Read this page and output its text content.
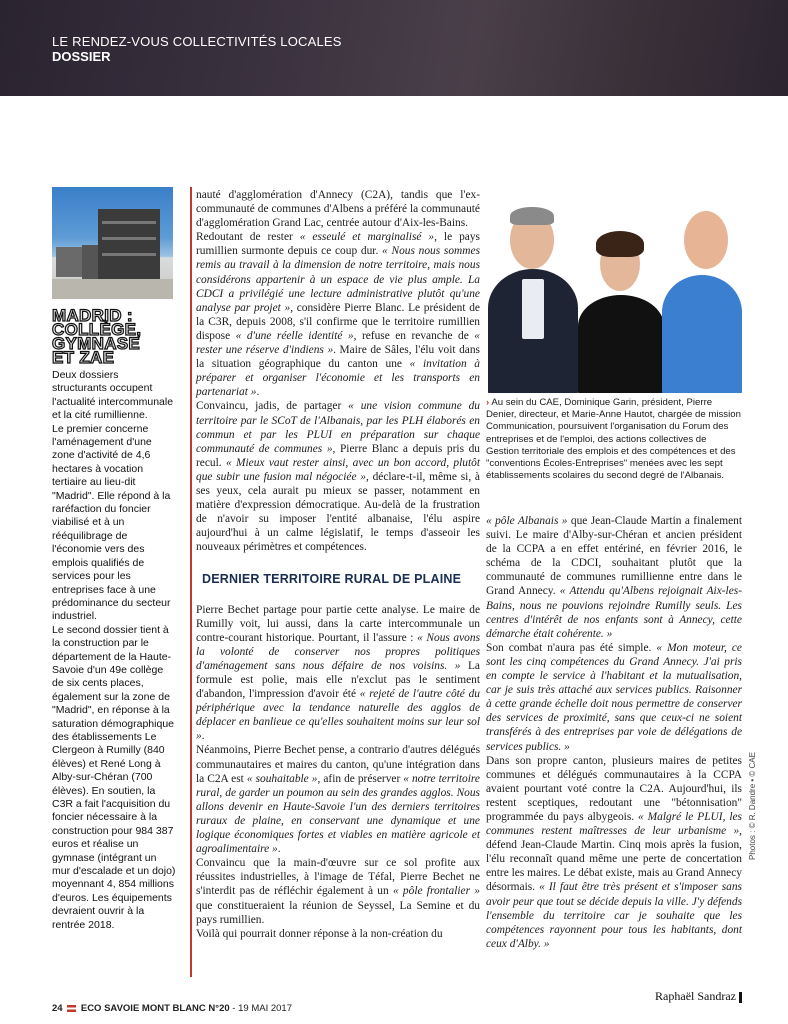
LE RENDEZ-VOUS COLLECTIVITÉS LOCALES
DOSSIER
MADRID :
COLLÈGE,
GYMNASE
ET ZAE

Deux dossiers structurants occupent l'actualité intercommunale et la cité rumillienne.

Le premier concerne l'aménagement d'une zone d'activité de 4,6 hectares à vocation tertiaire au lieu-dit "Madrid". Elle répond à la raréfaction du foncier viabilisé et à un rééquilibrage de l'économie vers des emplois qualifiés de services pour les entreprises face à une prédominance du secteur industriel.

Le second dossier tient à la construction par le département de la Haute-Savoie d'un 49e collège de six cents places, également sur la zone de "Madrid", en réponse à la saturation démographique des établissements Le Clergeon à Rumilly (840 élèves) et René Long à Alby-sur-Chéran (700 élèves). En soutien, la C3R a fait l'acquisition du foncier nécessaire à la construction pour 984 387 euros et réalise un gymnase (intégrant un mur d'escalade et un dojo) moyennant 4, 854 millions d'euros. Les équipements devraient ouvrir à la rentrée 2018.

nauté d'agglomération d'Annecy (C2A), tandis que l'ex-communauté de communes d'Albens a préféré la communauté d'agglomération Grand Lac, centrée autour d'Aix-les-Bains.

Redoutant de rester « esseulé et marginalisé », le pays rumillien surmonte depuis ce coup dur. « Nous nous sommes remis au travail à la dimension de notre territoire, mais nous considérons appartenir à un espace de vie plus ample. La CDCI a privilégié une lecture administrative plutôt qu'une analyse par projet », considère Pierre Blanc. Le président de la C3R, depuis 2008, s'il confirme que le territoire rumillien dispose « d'une réelle identité », refuse en revanche de « rester une réserve d'indiens ». Maire de Sâles, l'élu voit dans la situation géographique du canton une « invitation à préparer et organiser l'économie et les transports en partenariat ».

Convaincu, jadis, de partager « une vision commune du territoire par le SCoT de l'Albanais, par les PLH élaborés en commun et par les PLUI en préparation sur chaque communauté de communes », Pierre Blanc a depuis pris du recul. « Mieux vaut rester ainsi, avec un bon accord, plutôt que subir une fusion mal négociée », déclare-t-il, même si, à ses yeux, cela aurait pu mieux se passer, notamment en matière d'expression démocratique. Au-delà de la frustration de n'avoir su imposer l'entité albanaise, l'élu aspire aujourd'hui à un calme législatif, le temps d'asseoir les nouveaux périmètres et compétences.

DERNIER TERRITOIRE RURAL DE PLAINE

Pierre Bechet partage pour partie cette analyse. Le maire de Rumilly voit, lui aussi, dans la carte intercommunale un contre-courant historique. Pourtant, il l'assure : « Nous avons la volonté de conserver nos propres politiques d'aménagement sans nous défaire de nos voisins. » La formule est polie, mais elle n'exclut pas le sentiment d'abandon, l'impression d'avoir été « rejeté de l'autre côté du périphérique avec la tendance naturelle des agglos de déplacer en banlieue ce qu'elles souhaitent moins sur leur sol ».

Néanmoins, Pierre Bechet pense, a contrario d'autres délégués communautaires et maires du canton, qu'une intégration dans la C2A est « souhaitable », afin de préserver « notre territoire rural, de garder un poumon au sein des grandes agglos. Nous allons devenir en Haute-Savoie l'un des derniers territoires ruraux de plaine, en conservant une dynamique et une logique économiques fortes et viables en matière agricole et agroalimentaire ».

Convaincu que la main-d'œuvre sur ce sol profite aux réussites industrielles, à l'image de Téfal, Pierre Bechet ne s'interdit pas de réfléchir également à un « pôle frontalier » que constitueraient la réunion de Seyssel, La Semine et du pays rumillien.

Voilà qui pourrait donner réponse à la non-création du

› Au sein du CAE, Dominique Garin, président, Pierre Denier, directeur, et Marie-Anne Hautot, chargée de mission Communication, poursuivent l'organisation du Forum des entreprises et de l'emploi, des actions collectives de Gestion territoriale des emplois et des compétences et des "conventions Écoles-Entreprises" menées avec les sept établissements scolaires du second degré de l'Albanais.

« pôle Albanais » que Jean-Claude Martin a finalement suivi. Le maire d'Alby-sur-Chéran et ancien président de la CCPA a en effet entériné, en février 2016, le schéma de la CDCI, souhaitant plutôt que la communauté de communes rumillienne entre dans le Grand Annecy. « Attendu qu'Albens rejoignait Aix-les-Bains, nous ne pouvions rejoindre Rumilly seuls. Les centres d'intérêt de nos enfants sont à Annecy, cette démarche était cohérente. »

Son combat n'aura pas été simple. « Mon moteur, ce sont les cinq compétences du Grand Annecy. J'ai pris en compte le service à l'habitant et la mutualisation, car je suis très attaché aux services publics. Raisonner à cette grande échelle doit nous permettre de conserver des services de proximité, sans que ceux-ci ne soient transférés à des entreprises par voie de délégations de services publics. »

Dans son propre canton, plusieurs maires de petites communes et délégués communautaires à la CCPA avaient pourtant voté contre la C2A. Aujourd'hui, ils restent sceptiques, redoutant une "bétonnisation" programmée du pays albygeois. « Malgré le PLUI, les communes restent maîtresses de leur urbanisme », défend Jean-Claude Martin. Cinq mois après la fusion, l'élu reconnaît quand même une perte de concertation entre les maires. Le débat existe, mais au Grand Annecy désormais. « Il faut être très présent et s'imposer sans avoir peur que tout se décide depuis la ville. J'y défends l'ensemble du territoire car je souhaite que les compétences rayonnent pour tous les habitants, dont ceux d'Alby. »

Raphaël Sandraz
Photos : © R. Dandre • © CAE
24 ECO SAVOIE MONT BLANC N°20 - 19 MAI 2017
